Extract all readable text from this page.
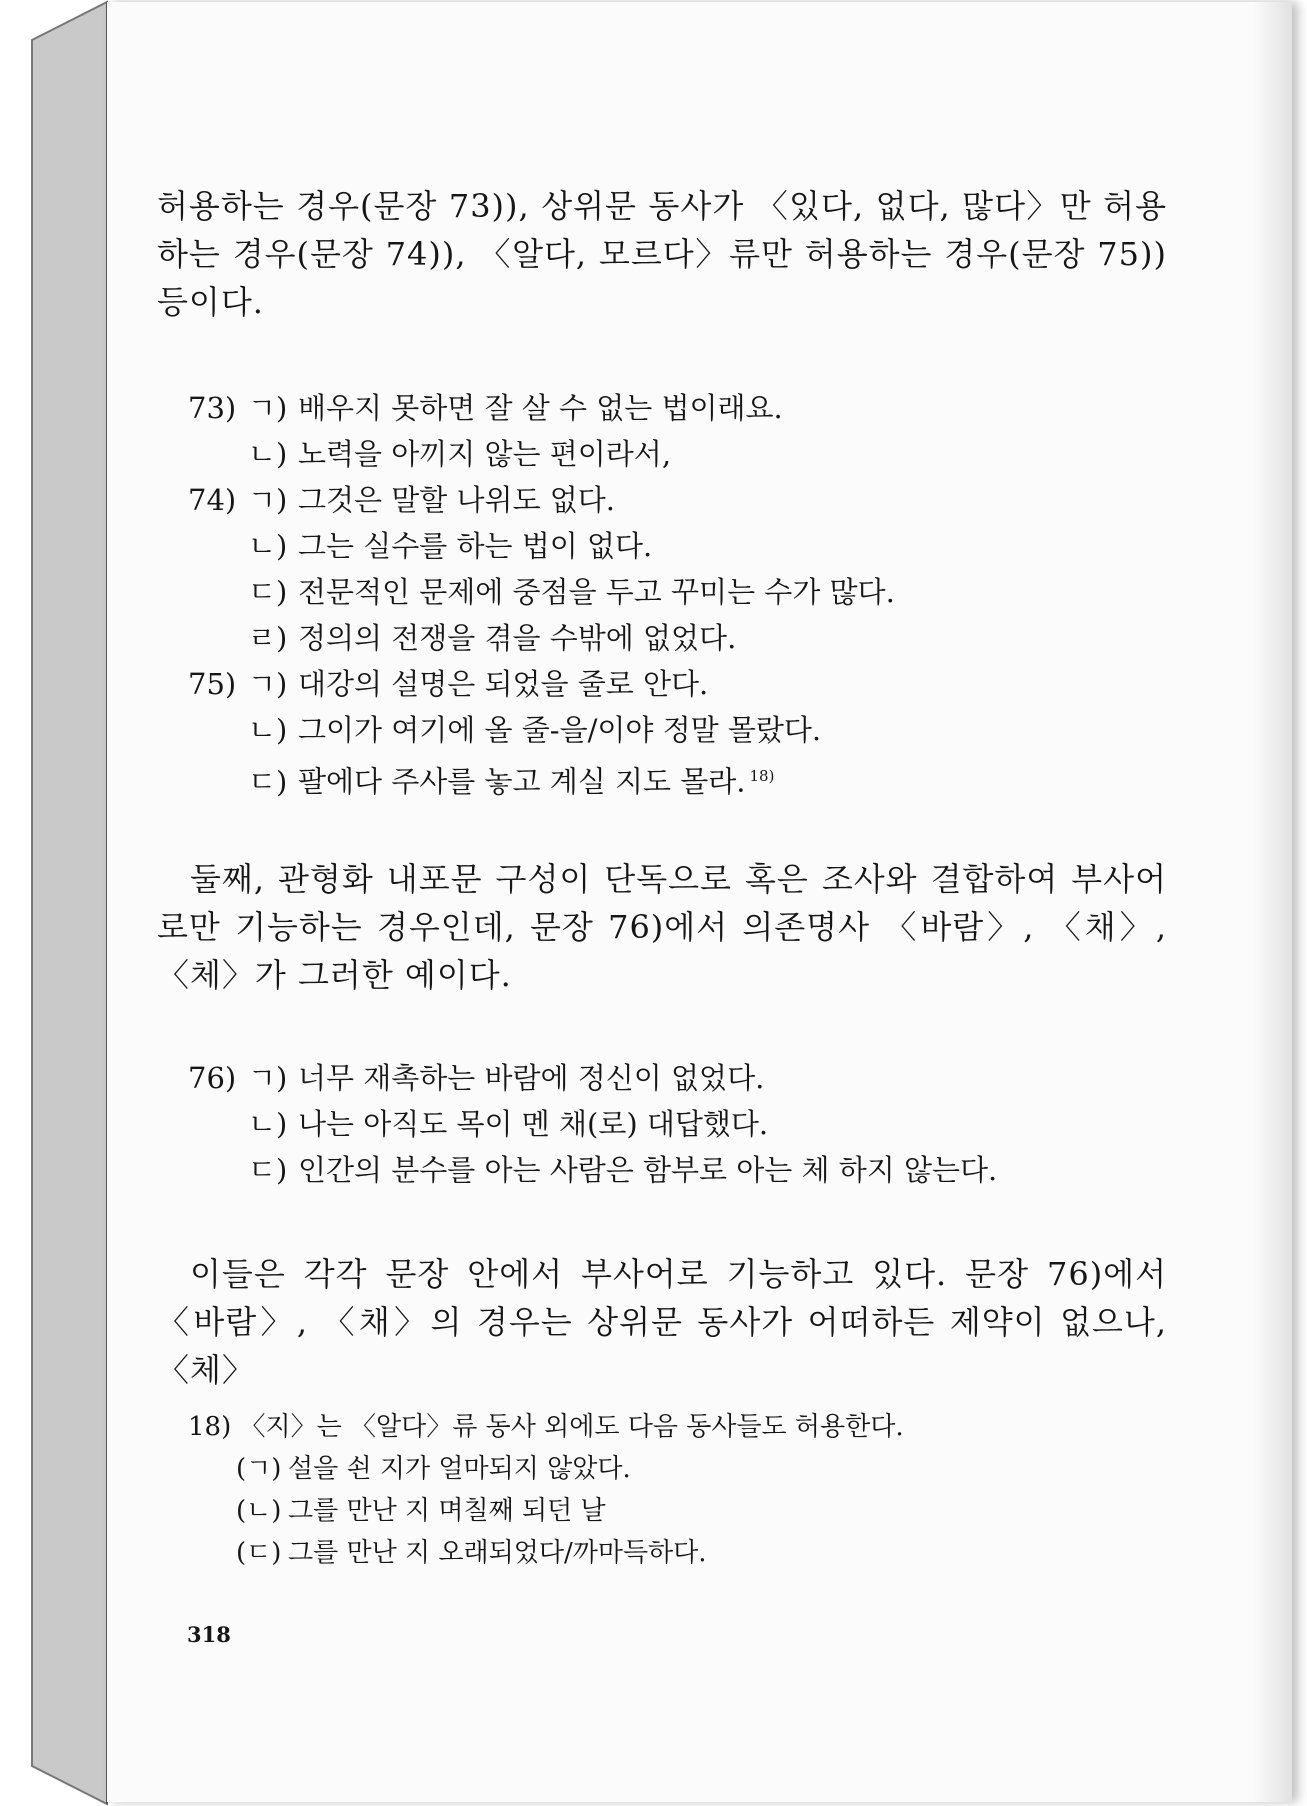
허용하는 경우(문장 73)), 상위문 동사가 〈있다, 없다, 많다〉만 허용하는 경우(문장 74)), 〈알다, 모르다〉류만 허용하는 경우(문장 75)) 등이다.

73) ㄱ) 배우지 못하면 잘 살 수 없는 법이래요.
ㄴ) 노력을 아끼지 않는 편이라서,
74) ㄱ) 그것은 말할 나위도 없다.
ㄴ) 그는 실수를 하는 법이 없다.
ㄷ) 전문적인 문제에 중점을 두고 꾸미는 수가 많다.
ㄹ) 정의의 전쟁을 겪을 수밖에 없었다.
75) ㄱ) 대강의 설명은 되었을 줄로 안다.
ㄴ) 그이가 여기에 올 줄-을/이야 정말 몰랐다.
ㄷ) 팔에다 주사를 놓고 계실 지도 몰라. $^{18)}$

둘째, 관형화 내포문 구성이 단독으로 혹은 조사와 결합하여 부사어로만 기능하는 경우인데, 문장 76)에서 의존명사 〈바람〉, 〈채〉, 〈체〉가 그러한 예이다.

76) ㄱ) 너무 재촉하는 바람에 정신이 없었다.
ㄴ) 나는 아직도 목이 멘 채(로) 대답했다.
ㄷ) 인간의 분수를 아는 사람은 함부로 아는 체 하지 않는다.

이들은 각각 문장 안에서 부사어로 기능하고 있다. 문장 76)에서 〈바람〉, 〈채〉의 경우는 상위문 동사가 어떠하든 제약이 없으나, 〈체〉

18) 〈지〉는 〈알다〉류 동사 외에도 다음 동사들도 허용한다.
(ㄱ) 설을 쇤 지가 얼마되지 않았다.
(ㄴ) 그를 만난 지 며칠째 되던 날
(ㄷ) 그를 만난 지 오래되었다/까마득하다.
318
